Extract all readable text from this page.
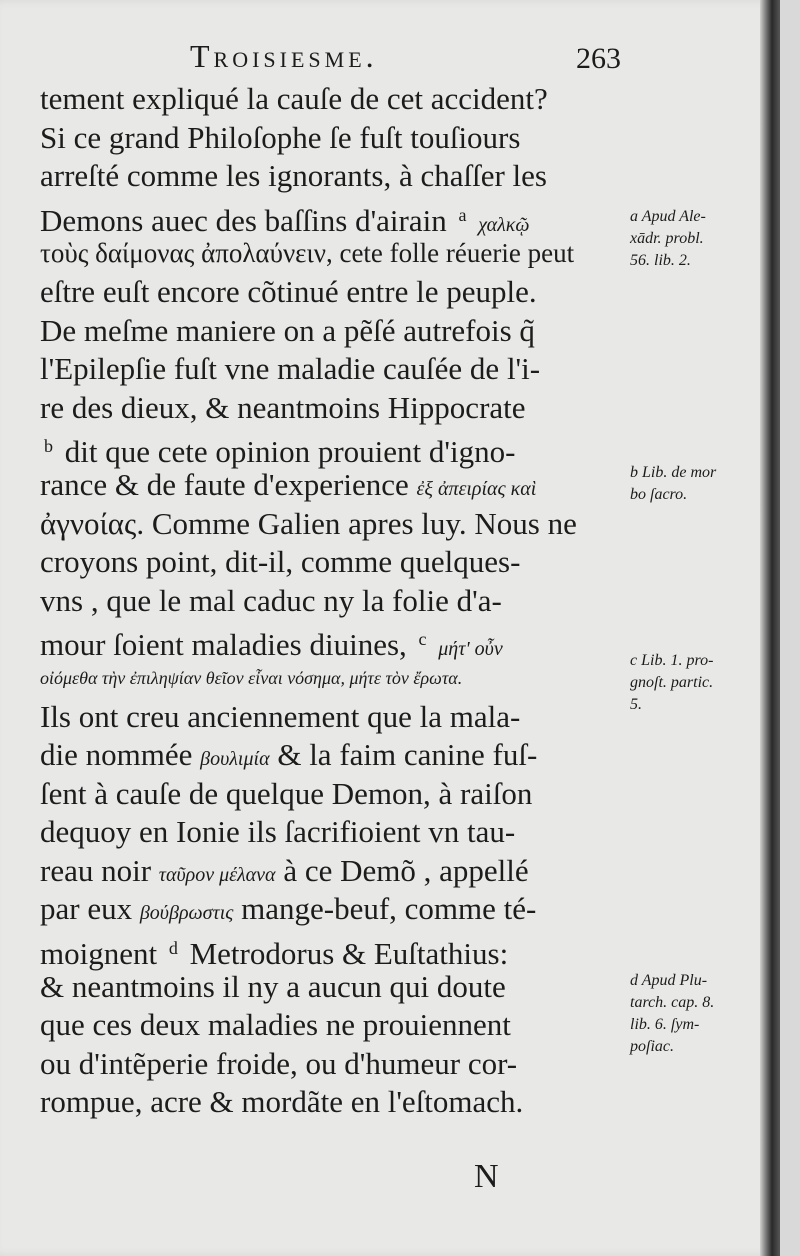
Troisiesme.	263
tement expliqué la cauſe de cet accident?
Si ce grand Philoſophe ſe fuſt touſiours
arreſté comme les ignorants, à chaſſer les
Demons auec des baſſins d'airain $^a$ χαλκῷ
τοὺς δαίμονας ἀπολαύνειν, cete folle réuerie peut
eſtre euſt encore cõtinué entre le peuple.
De meſme maniere on a pẽſé autrefois q̃
l'Epilepſie fuſt vne maladie cauſée de l'i-
re des dieux, & neantmoins Hippocrate
$^b$ dit que cete opinion prouient d'igno-
rance & de faute d'experience ἐξ ἀπειρίας καὶ
ἀγνοίας. Comme Galien apres luy. Nous ne
croyons point, dit-il, comme quelques-
vns , que le mal caduc ny la folie d'a-
mour ſoient maladies diuines, $^c$ μήτ' οὖν
οἰόμεθα τὴν ἐπιληψίαν θεῖον εἶναι νόσημα, μήτε τὸν ἔρωτα.
Ils ont creu anciennement que la mala-
die nommée βουλιμία & la faim canine fuſ-
ſent à cauſe de quelque Demon, à raiſon
dequoy en Ionie ils ſacrifioient vn tau-
reau noir ταῦρον μέλανα à ce Demõ , appellé
par eux βούβρωστις mange-beuf, comme té-
moignent $^d$ Metrodorus & Euſtathius:
& neantmoins il ny a aucun qui doute
que ces deux maladies ne prouiennent
ou d'intẽperie froide, ou d'humeur cor-
rompue, acre & mordãte en l'eſtomach.
a Apud Ale-
xādr. probl.
56. lib. 2.
b Lib. de mor
bo ſacro.
c Lib. 1. pro-
gnoſt. partic.
5.
d Apud Plu-
tarch. cap. 8.
lib. 6. ſym-
poſiac.
N
